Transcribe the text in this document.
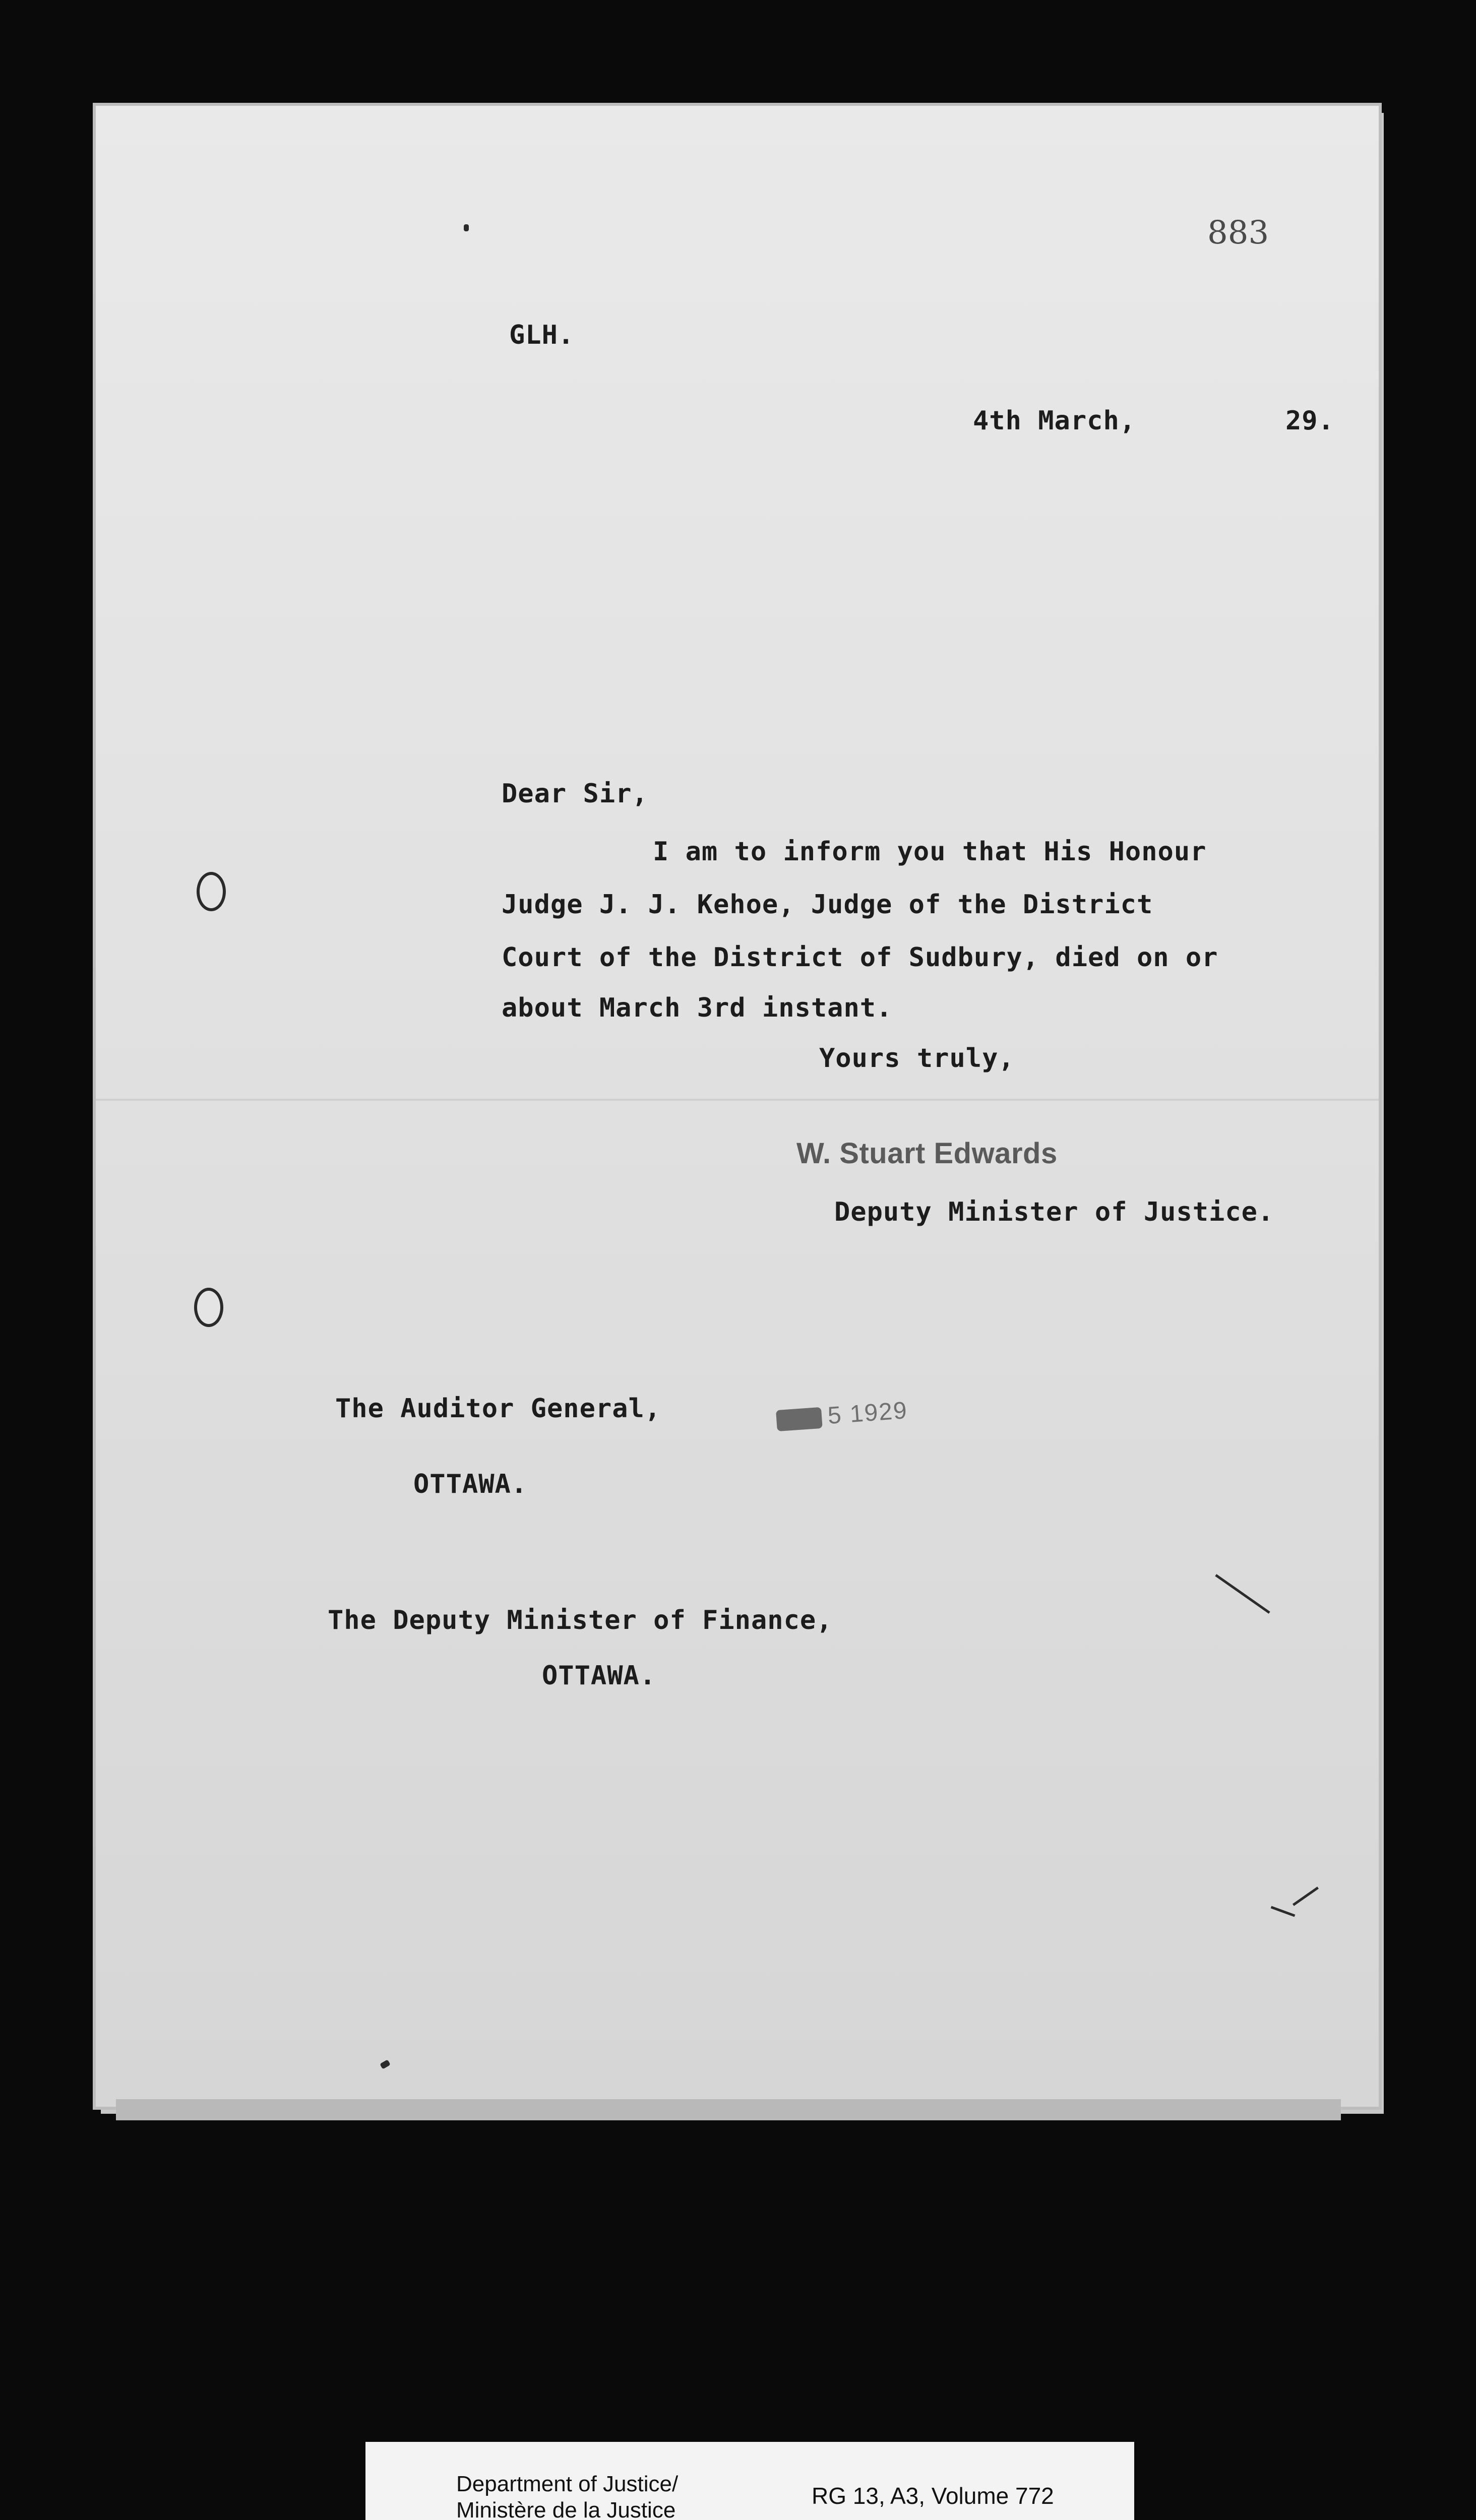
883
GLH.
4th March,	29.
Dear Sir,
I am to inform you that His Honour
Judge J. J. Kehoe, Judge of the District
Court of the District of Sudbury, died on or
about March 3rd instant.
Yours truly,
W. Stuart Edwards
Deputy Minister of Justice.
The Auditor General,
OTTAWA.
5 1929
The Deputy Minister of Finance,
OTTAWA.
Department of Justice/
Ministère de la Justice
RG 13, A3, Volume 772
